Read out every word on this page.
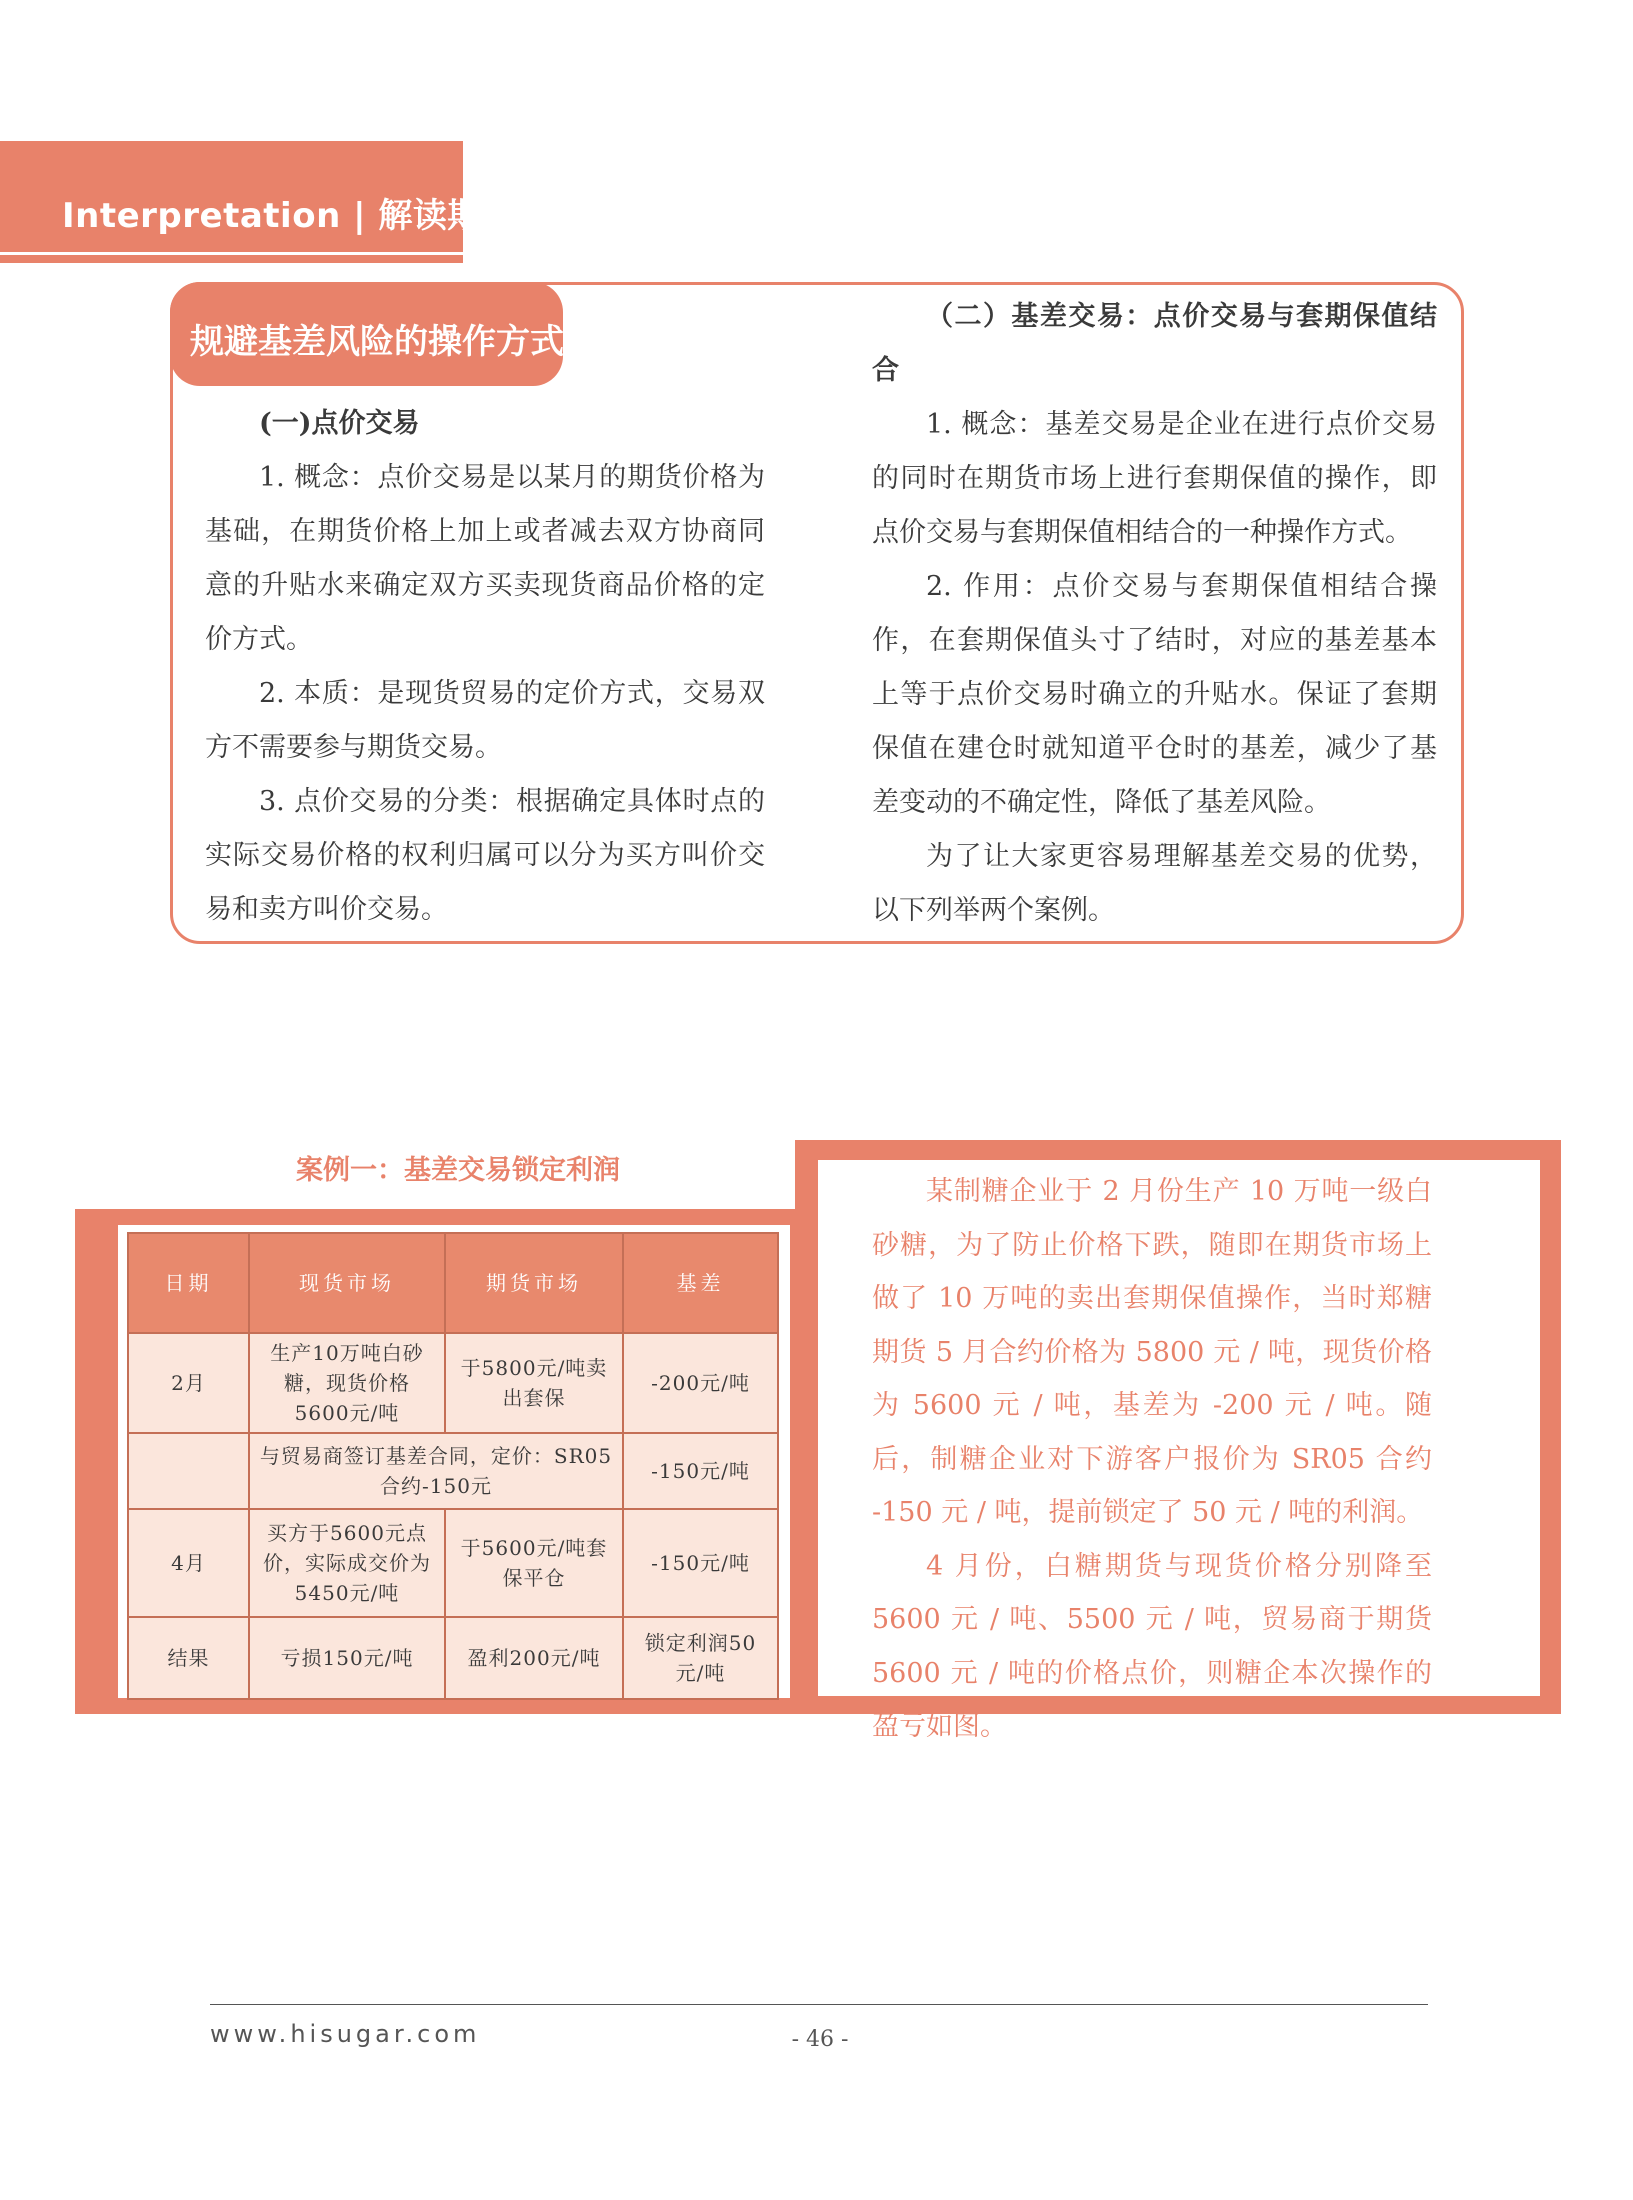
Interpretation | 解读期现
规避基差风险的操作方式

(一)点价交易

1. 概念：点价交易是以某月的期货价格为基础，在期货价格上加上或者减去双方协商同意的升贴水来确定双方买卖现货商品价格的定价方式。

2. 本质：是现货贸易的定价方式，交易双方不需要参与期货交易。

3. 点价交易的分类：根据确定具体时点的实际交易价格的权利归属可以分为买方叫价交易和卖方叫价交易。

（二）基差交易：点价交易与套期保值结合

1. 概念：基差交易是企业在进行点价交易的同时在期货市场上进行套期保值的操作，即点价交易与套期保值相结合的一种操作方式。

2. 作用：点价交易与套期保值相结合操作，在套期保值头寸了结时，对应的基差基本上等于点价交易时确立的升贴水。保证了套期保值在建仓时就知道平仓时的基差，减少了基差变动的不确定性，降低了基差风险。

为了让大家更容易理解基差交易的优势，以下列举两个案例。

案例一：基差交易锁定利润

某制糖企业于 2 月份生产 10 万吨一级白砂糖，为了防止价格下跌，随即在期货市场上做了 10 万吨的卖出套期保值操作，当时郑糖期货 5 月合约价格为 5800 元 / 吨，现货价格为 5600 元 / 吨，基差为 -200 元 / 吨。随后，制糖企业对下游客户报价为 SR05 合约 -150 元 / 吨，提前锁定了 50 元 / 吨的利润。

4 月份，白糖期货与现货价格分别降至 5600 元 / 吨、5500 元 / 吨，贸易商于期货 5600 元 / 吨的价格点价，则糖企本次操作的盈亏如图。

日期	现货市场	期货市场	基差
2月	生产10万吨白砂糖，现货价格5600元/吨	于5800元/吨卖出套保	-200元/吨
	与贸易商签订基差合同，定价：SR05合约-150元		-150元/吨
4月	买方于5600元点价，实际成交价为5450元/吨	于5600元/吨套保平仓	-150元/吨
结果	亏损150元/吨	盈利200元/吨	锁定利润50元/吨
www.hisugar.com	- 46 -
